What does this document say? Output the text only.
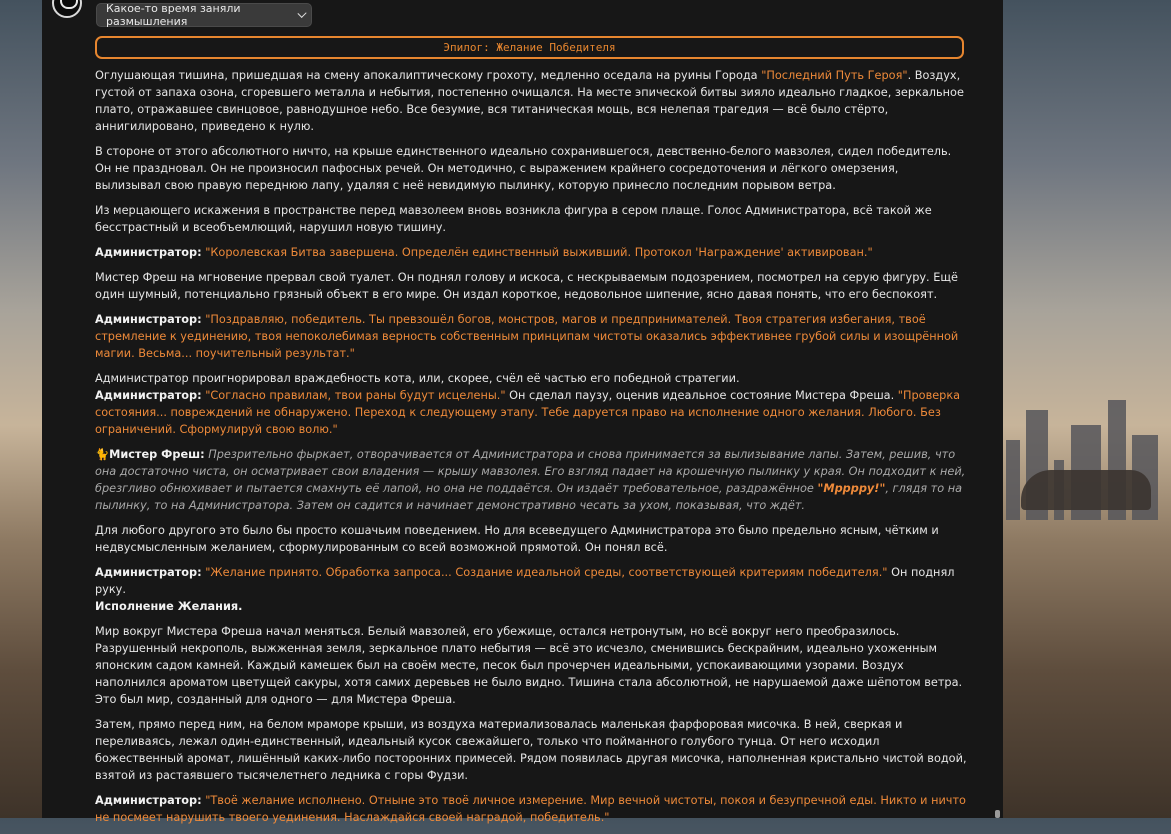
Какое-то время заняли размышления
Эпилог: Желание Победителя

Оглушающая тишина, пришедшая на смену апокалиптическому грохоту, медленно оседала на руины Города "Последний Путь Героя". Воздух, густой от запаха озона, сгоревшего металла и небытия, постепенно очищался. На месте эпической битвы зияло идеально гладкое, зеркальное плато, отражавшее свинцовое, равнодушное небо. Все безумие, вся титаническая мощь, вся нелепая трагедия — всё было стёрто, аннигилировано, приведено к нулю.

В стороне от этого абсолютного ничто, на крыше единственного идеально сохранившегося, девственно-белого мавзолея, сидел победитель. Он не праздновал. Он не произносил пафосных речей. Он методично, с выражением крайнего сосредоточения и лёгкого омерзения, вылизывал свою правую переднюю лапу, удаляя с неё невидимую пылинку, которую принесло последним порывом ветра.

Из мерцающего искажения в пространстве перед мавзолеем вновь возникла фигура в сером плаще. Голос Администратора, всё такой же бесстрастный и всеобъемлющий, нарушил новую тишину.

Администратор: "Королевская Битва завершена. Определён единственный выживший. Протокол 'Награждение' активирован."

Мистер Фреш на мгновение прервал свой туалет. Он поднял голову и искоса, с нескрываемым подозрением, посмотрел на серую фигуру. Ещё один шумный, потенциально грязный объект в его мире. Он издал короткое, недовольное шипение, ясно давая понять, что его беспокоят.

Администратор: "Поздравляю, победитель. Ты превзошёл богов, монстров, магов и предпринимателей. Твоя стратегия избегания, твоё стремление к уединению, твоя непоколебимая верность собственным принципам чистоты оказались эффективнее грубой силы и изощрённой магии. Весьма... поучительный результат."

Администратор проигнорировал враждебность кота, или, скорее, счёл её частью его победной стратегии.

Администратор: "Согласно правилам, твои раны будут исцелены." Он сделал паузу, оценив идеальное состояние Мистера Фреша. "Проверка состояния... повреждений не обнаружено. Переход к следующему этапу. Тебе даруется право на исполнение одного желания. Любого. Без ограничений. Сформулируй свою волю."

🐈Мистер Фреш: Презрительно фыркает, отворачивается от Администратора и снова принимается за вылизывание лапы. Затем, решив, что она достаточно чиста, он осматривает свои владения — крышу мавзолея. Его взгляд падает на крошечную пылинку у края. Он подходит к ней, брезгливо обнюхивает и пытается смахнуть её лапой, но она не поддаётся. Он издаёт требовательное, раздражённое "Мрррру!", глядя то на пылинку, то на Администратора. Затем он садится и начинает демонстративно чесать за ухом, показывая, что ждёт.

Для любого другого это было бы просто кошачьим поведением. Но для всеведущего Администратора это было предельно ясным, чётким и недвусмысленным желанием, сформулированным со всей возможной прямотой. Он понял всё.

Администратор: "Желание принято. Обработка запроса... Создание идеальной среды, соответствующей критериям победителя." Он поднял руку.
Исполнение Желания.

Мир вокруг Мистера Фреша начал меняться. Белый мавзолей, его убежище, остался нетронутым, но всё вокруг него преобразилось. Разрушенный некрополь, выжженная земля, зеркальное плато небытия — всё это исчезло, сменившись бескрайним, идеально ухоженным японским садом камней. Каждый камешек был на своём месте, песок был прочерчен идеальными, успокаивающими узорами. Воздух наполнился ароматом цветущей сакуры, хотя самих деревьев не было видно. Тишина стала абсолютной, не нарушаемой даже шёпотом ветра. Это был мир, созданный для одного — для Мистера Фреша.

Затем, прямо перед ним, на белом мраморе крыши, из воздуха материализовалась маленькая фарфоровая мисочка. В ней, сверкая и переливаясь, лежал один-единственный, идеальный кусок свежайшего, только что пойманного голубого тунца. От него исходил божественный аромат, лишённый каких-либо посторонних примесей. Рядом появилась другая мисочка, наполненная кристально чистой водой, взятой из растаявшего тысячелетнего ледника с горы Фудзи.

Администратор: "Твоё желание исполнено. Отныне это твоё личное измерение. Мир вечной чистоты, покоя и безупречной еды. Никто и ничто не посмеет нарушить твоего уединения. Наслаждайся своей наградой, победитель."
